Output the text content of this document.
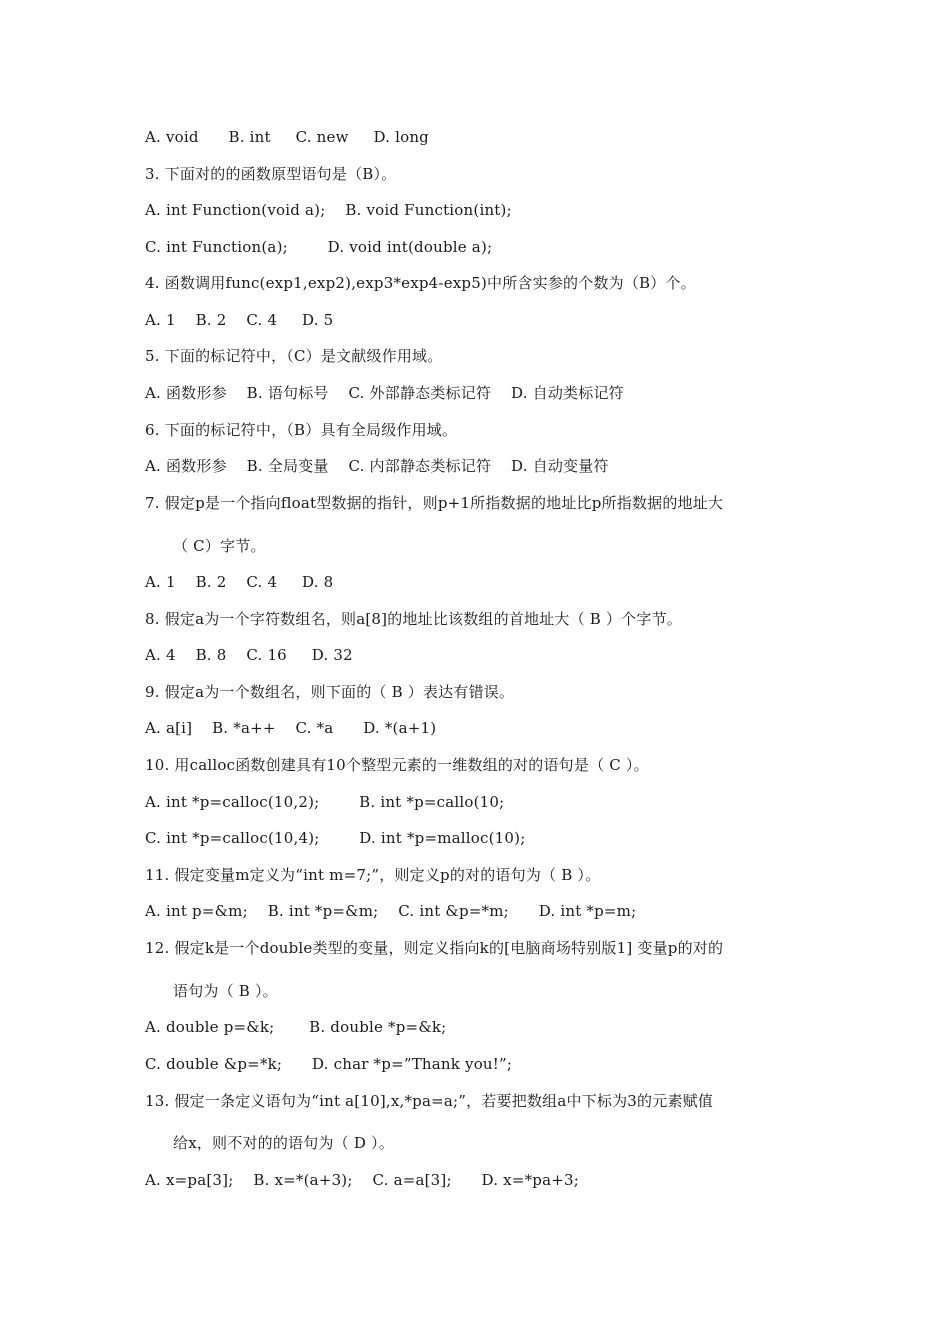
A. void      B. int     C. new     D. long
3. 下面对的的函数原型语句是（B）。
A. int Function(void a);    B. void Function(int);
C. int Function(a);        D. void int(double a);
4. 函数调用func(exp1,exp2),exp3*exp4-exp5)中所含实参的个数为（B）个。
A. 1    B. 2    C. 4     D. 5
5. 下面的标记符中，（C）是文献级作用域。
A. 函数形参    B. 语句标号    C. 外部静态类标记符    D. 自动类标记符
6. 下面的标记符中，（B）具有全局级作用域。
A. 函数形参    B. 全局变量    C. 内部静态类标记符    D. 自动变量符
7. 假定p是一个指向float型数据的指针，则p+1所指数据的地址比p所指数据的地址大
（ C）字节。
A. 1    B. 2    C. 4     D. 8
8. 假定a为一个字符数组名，则a[8]的地址比该数组的首地址大（ B ）个字节。
A. 4    B. 8    C. 16     D. 32
9. 假定a为一个数组名，则下面的（ B ）表达有错误。
A. a[i]    B. *a++    C. *a      D. *(a+1)
10. 用calloc函数创建具有10个整型元素的一维数组的对的语句是（ C ）。
A. int *p=calloc(10,2);        B. int *p=callo(10;
C. int *p=calloc(10,4);        D. int *p=malloc(10);
11. 假定变量m定义为“int m=7;”，则定义p的对的语句为（ B ）。
A. int p=&m;    B. int *p=&m;    C. int &p=*m;      D. int *p=m;
12. 假定k是一个double类型的变量，则定义指向k的[电脑商场特别版1] 变量p的对的
语句为（ B ）。
A. double p=&k;       B. double *p=&k;
C. double &p=*k;      D. char *p=”Thank you!”;
13. 假定一条定义语句为“int a[10],x,*pa=a;”，若要把数组a中下标为3的元素赋值
给x，则不对的的语句为（ D ）。
A. x=pa[3];    B. x=*(a+3);    C. a=a[3];      D. x=*pa+3;
